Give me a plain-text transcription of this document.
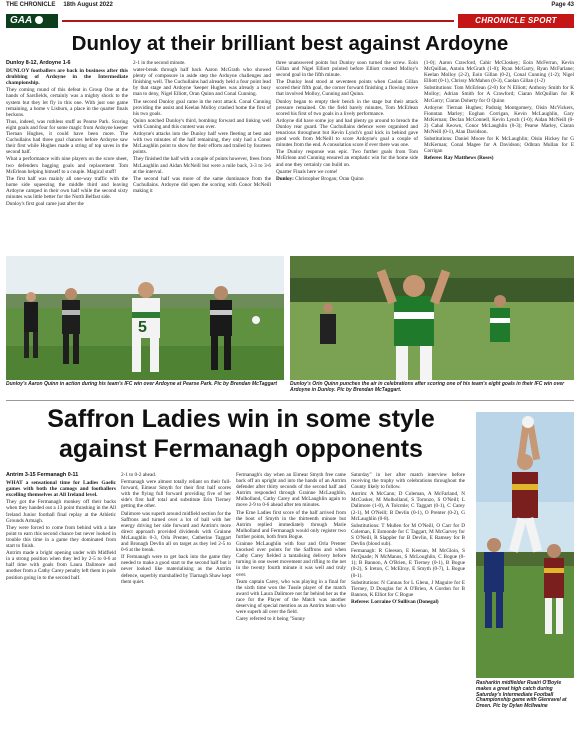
THE CHRONICLE 18th August 2022	Page 43
GAA	CHRONICLE SPORT
Dunloy at their brilliant best against Ardoyne
Dunloy 8-12, Ardoyne 1-6

DUNLOY footballers are back in business after this drubbing of Ardoyne in the Intermediate championship.

They coming round of this defeat in Group One at the hands of Sarsfields, certainly was a mighty shock to the system but they let fly in this one. With just one game remaining, a home v Lisburn, a place in the quarter finals beckons.

Thus, indeed, was ruthless stuff as Pearse Park. Scoring eight goals and four for some magic from Ardoyne keeper Tiernan Hughes, it could have been more. The Cuchullains had three goal chances before Ardoyne saw their first while Hughes made a string of top saves in the second half.

What a performance with nine players on the score sheet, two defenders bagging goals and replacement Tom McErlean helping himself to a couple. Magical stuff!

The first half was mainly all one-way traffic with the home side squeezing the middle third and leaving Ardoyne camped in their own half while the second sixty minutes was little better for the North Belfast side.

Dunloy's first goal came just after the

2-1 in the second minute.

water-break through half back Aaron McGrath who showed plenty of composure in aside step the Ardoyne challenges and finishing well. The Cuchullains had already held a four point lead by that stage and Ardoyne 'keeper Hughes was already a busy man to deny, Nigel Elliott, Oran Quinn and Conal Cunning.

The second Dunloy goal came in the next attack. Conal Cunning providing the assist and Keelan Molloy crashed home the first of his two goals.

Quinn notched Dunloy's third, bombing forward and linking well with Cunning and this contest was over.

Ardoyne's attacks into the Dunloy half were fleeting at best and with two minutes of the half remaining, they only had a Conor McLaughlin point to show for their efforts and trailed by fourteen points.

They finished the half with a couple of points however, frees from McLaughlin and Aidan McNeill but were a mile back, 3-3 to 3-6 at the interval.

The second half was more of the same dominance from the Cuchullains. Ardoyne did open the scoring with Conor McNeill making it

three unanswered points but Dunloy soon turned the screw. Eoin Gillan and Nigel Elliott pointed before Elliott created Molloy's second goal in the fifth minute.

The Dunloy lead stood at seventeen points when Caolan Gillan scored their fifth goal, the corner forward finishing a flowing move that involved Molloy, Cunning and Quinn.

Dunloy began to empty their bench in the stage but their attack pressure remained. On the field barely minutes, Tom McErlean scored his first of two goals in a lively performance.

Ardoyne did have some joy and had plenty go around to breach the Dunloy rear guard. The Cuchullains defence were organised and tenacious throughout but Kevin Lynch's goal kick in behind gave good work from McNeill to score Ardoyne's goal a couple of minutes from the end. A consolation score if ever there was one.

The Dunloy response was epic. Two further goals from Tom McErlean and Cunning ensured an emphatic win for the home side and one they certainly can build on.

Quarter Finals here we come!

Dunloy: Christopher Brogan; Oran Quinn

(1-0); Aaron Crawford, Cahir McCloskey; Eoin McFerran, Kevin McQuillan, Antoin McGrath (1-0); Ryan McGarry, Ryan McFarlane; Keelan Molloy (2-2), Eoin Gillan (0-2), Conal Cunning (1-2); Nigel Elliott (0-1), Chrissy McMahon (0-3), Caolan Gillan (1-2)

Substitutions: Tom McErlean (2-0) for N Elliott; Anthony Smith for K Molloy; Adrian Smith for A Crawford; Ciaran McQuillan for R McGarry; Ciaran Doherty for O Quinn

Ardoyne: Tiernan Hughes; Padraig Montgomery, Oisin McVickers, Fionntan Marley; Eoghan Corrigan, Kevin McLaughlin, Gary McKernan; Declan McConnell, Kevin Lynch (1-0); Aidan McNeill (0-2) Cahal Keown, Conor McLaughlin (0-3); Pearse Marley, Ciaran McNeill (0-1), Alan Davidson.

Substitutions: Daniel Moore for K McLaughlin; Oisin Hickey for G McKernan; Conal Magee for A Davidson; Odhran Mullan for E Corrigan

Referee: Ray Matthews (Roses)

5
Dunloy's Aaron Quinn in action during his team's IFC win over Ardoyne at Pearse Park. Pic by Brendan McTaggart	Dunloy's Orin Quinn punches the air in celebrations after scoring one of his team's eight goals in their IFC win over Ardoyne in Dunloy. Pic by Brendan McTaggart.
Saffron Ladies win in some style against Fermanagh opponents
Antrim 3-15 Fermanagh 0-11

WHAT a sensational time for Ladies Gaelic games with both the camogs and footballers excelling themselves at All Ireland level.

They got the Fermanagh monkey off their backs when they handed out a 13 point thrashing in the All Ireland Junior football final replay at the Athletic Grounds Armagh.

They were forced to come from behind with a late point to earn this second chance but never looked in trouble this time in a game they dominated from start to finish.

Antrim made a bright opening under with Midfield in a strong position when they led by 2-5 to 0-6 at half time with goals from Laura Dalimore and another from a Cathy Carey penalty left them in pole position going in to the second half.

2-1 to 0-2 ahead.

Fermanagh were almost totally reliant on their full-forward, Eimear Smyth for their first half scores with the flying full forward providing five of her side's first half total and substitute Erin Tierney getting the other.

Dalimore was superb around midfield section for the Saffrons and turned over a lot of ball with her energy driving her side forward and Antrim's more direct approach provided dividends with Grainne McLaughlin 0-3, Orla Prenter, Catherine Taggart and Bronagh Devlin all on target as they led 2-5 to 0-6 at the break.

If Fermanagh were to get back into the game they needed to make a good start to the second half but it never looked like materialising as the Antrim defence, superbly marshalled by Tiarnagh Shaw kept them quiet.

Fermanagh's day when an Eimear Smyth free came back off an upright and into the hands of an Antrim defender after thirty seconds of the second half and Antrim responded through Grainne McLaughlin, Mulholland, Cathy Carey and McLaughlin again to move 2-9 to 0-6 ahead after ten minutes.

The Erne Ladies first score of the half arrived from the boot of Smyth in the thirteenth minute but Antrim replied immediately through Marie Mulholland and Fermanagh would only register two further points, both from Bogue.

Grainne McLaughlin with four and Orla Prenter knocked over points for the Saffrons and when Cathy Carey fielded a tantalising delivery before turning in one sweet movement and rifling to the net in the twenty fourth minute it was well and truly over.

Team captain Carey, who was playing in a final for the sixth time won the Tussle player of the match award with Laura Dalimore not far behind her as the race for the Player of the Match was another deserving of special mention as an Antrim team who were superb all over the field.

Carey referred to it being "Sunny

Saturday" in her after match interview before receiving the trophy with celebrations throughout the County likely to follow.

Antrim: A McCann; D Coleman, A McFarland, N McCusker, M Mulholland, S Toronzo, S O'Neill; L Dalimore (1-0), A Tolcmle; C Taggart (0-1), C Carey (2-1), M O'Neill; B Devlin (0-1), O Prenter (0-2), G McLaughlin (0-8).

Substitutions: T Mullen for M O'Neill, O Carr for D Coleman, E Esmonde for C Taggart, M McGarvey for S O'Neill, R Slappler for B Devlin, E Ramsey for B Devlin (blood sub).

Fermanagh: R Gleeson, E Keenan, M McGloin, S McQuade; N McManus, S McLoughlin, C Bogue (0-1); B Bannon, A O'Brien, E Tierney (0-1), B Bogue (0-2), S Ireton, C McElroy, E Smyth (0-7), L Bogue (0-1).

Substitutions: N Cannas for L Glenn, J Maguire for E Tierney, D Douglas for A O'Brien, A Gordon for B Bannon, K Elliot for C Bogue

Referee: Lorraine O'Sullivan (Donegal)

Rasharkin midfielder Ruairi O'Boyle makes a great high catch during Saturday's Intermediate Football Championship game with Glenravel at Dreen. Pic by Dylan McIlwaine
